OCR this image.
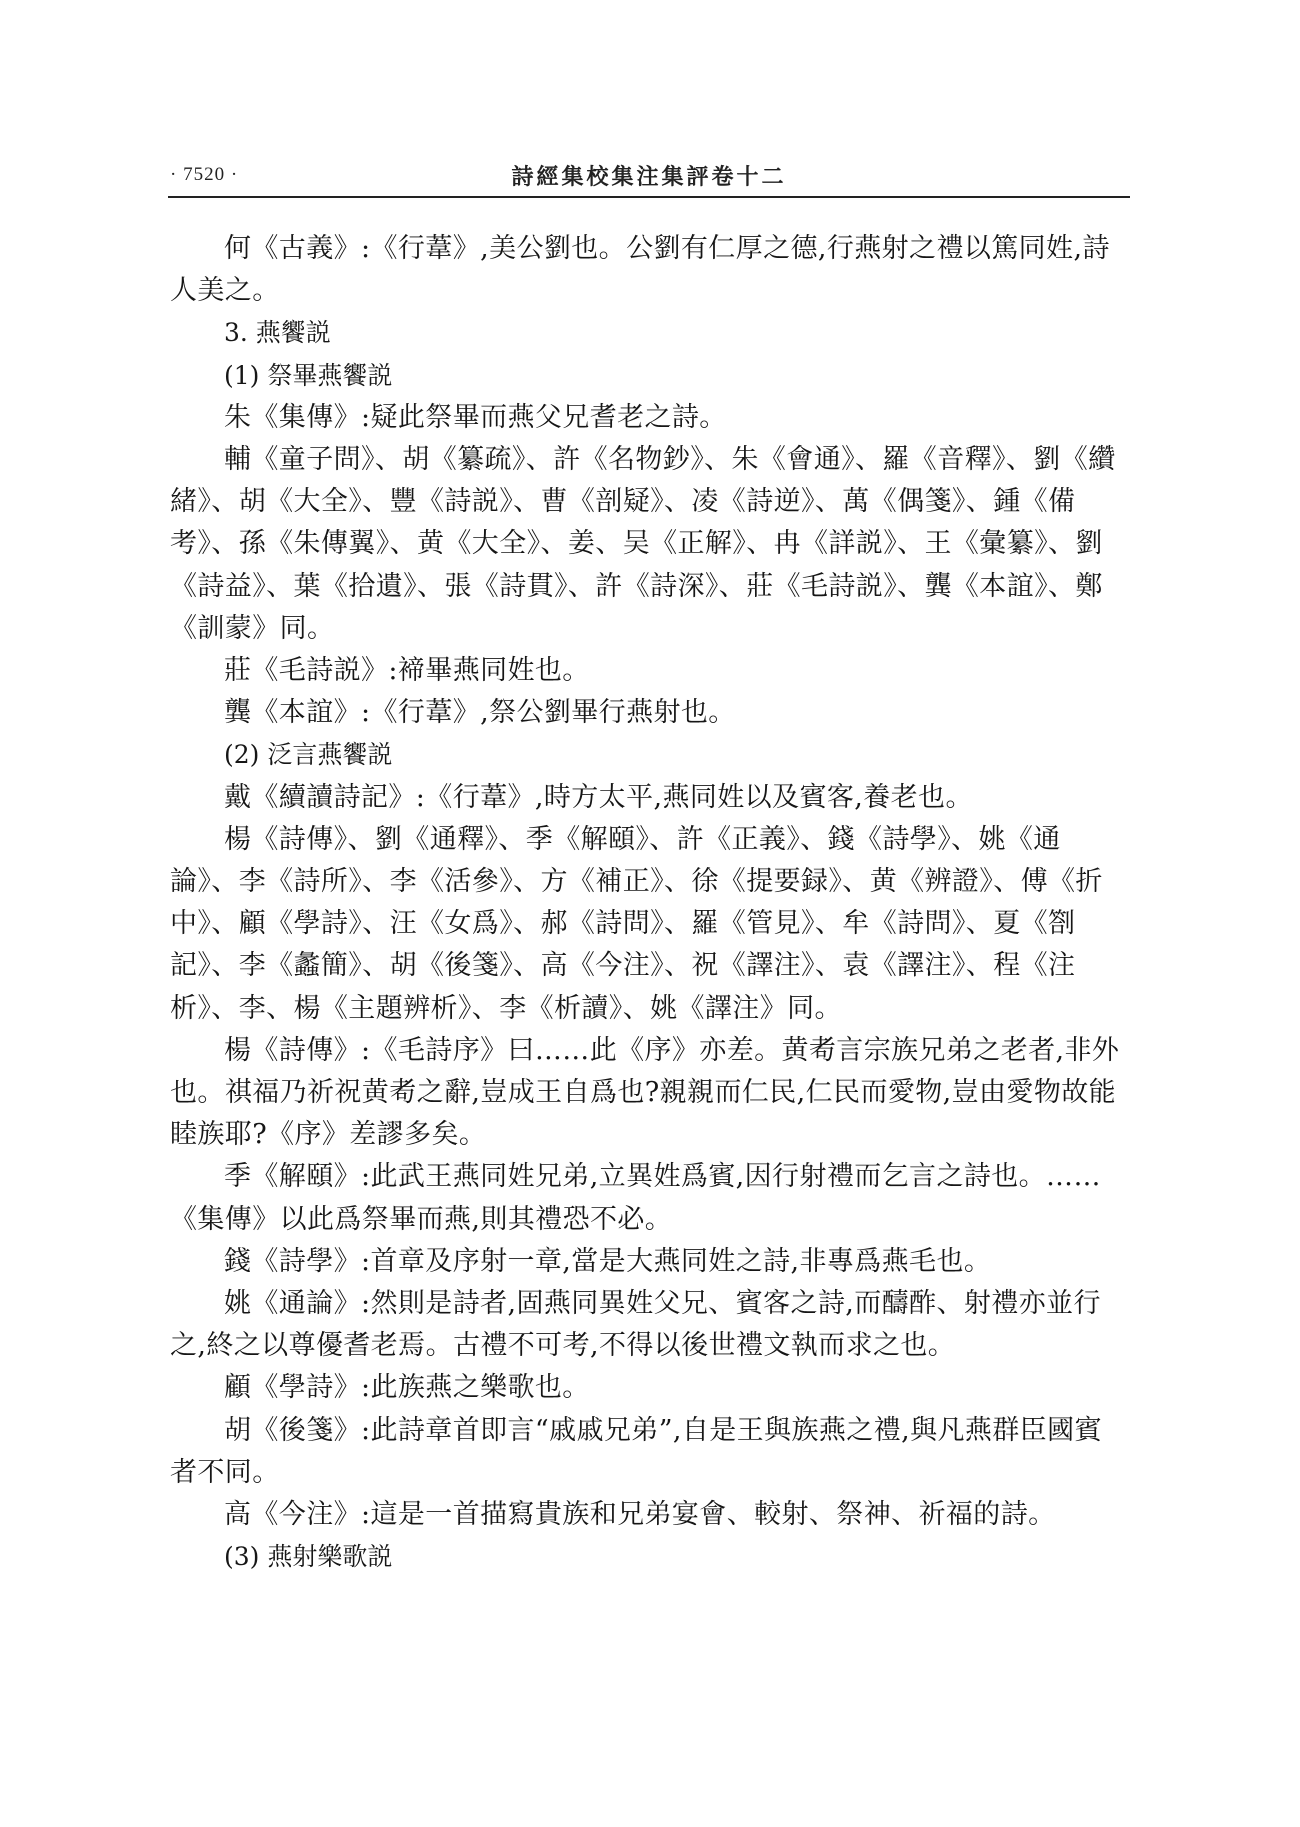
· 7520 ·	詩經集校集注集評卷十二

何《古義》:《行葦》,美公劉也。公劉有仁厚之德,行燕射之禮以篤同姓,詩人美之。

3. 燕饗説

(1) 祭畢燕饗説

朱《集傳》:疑此祭畢而燕父兄耆老之詩。

輔《童子問》、胡《纂疏》、許《名物鈔》、朱《會通》、羅《音釋》、劉《纘緒》、胡《大全》、豐《詩説》、曹《剖疑》、凌《詩逆》、萬《偶箋》、鍾《備考》、孫《朱傳翼》、黄《大全》、姜、吴《正解》、冉《詳説》、王《彙纂》、劉《詩益》、葉《拾遺》、張《詩貫》、許《詩深》、莊《毛詩説》、龔《本誼》、鄭《訓蒙》同。

莊《毛詩説》:褅畢燕同姓也。

龔《本誼》:《行葦》,祭公劉畢行燕射也。

(2) 泛言燕饗説

戴《續讀詩記》:《行葦》,時方太平,燕同姓以及賓客,養老也。

楊《詩傳》、劉《通釋》、季《解頤》、許《正義》、錢《詩學》、姚《通論》、李《詩所》、李《活參》、方《補正》、徐《提要録》、黄《辨證》、傅《折中》、顧《學詩》、汪《女爲》、郝《詩問》、羅《管見》、牟《詩問》、夏《劄記》、李《蠡簡》、胡《後箋》、高《今注》、祝《譯注》、袁《譯注》、程《注析》、李、楊《主題辨析》、李《析讀》、姚《譯注》同。

楊《詩傳》:《毛詩序》曰……此《序》亦差。黄耇言宗族兄弟之老者,非外也。祺福乃祈祝黄耇之辭,豈成王自爲也?親親而仁民,仁民而愛物,豈由愛物故能睦族耶?《序》差謬多矣。

季《解頤》:此武王燕同姓兄弟,立異姓爲賓,因行射禮而乞言之詩也。……《集傳》以此爲祭畢而燕,則其禮恐不必。

錢《詩學》:首章及序射一章,當是大燕同姓之詩,非專爲燕毛也。

姚《通論》:然則是詩者,固燕同異姓父兄、賓客之詩,而醻酢、射禮亦並行之,終之以尊優耆老焉。古禮不可考,不得以後世禮文執而求之也。

顧《學詩》:此族燕之樂歌也。

胡《後箋》:此詩章首即言“戚戚兄弟”,自是王與族燕之禮,與凡燕群臣國賓者不同。

高《今注》:這是一首描寫貴族和兄弟宴會、較射、祭神、祈福的詩。

(3) 燕射樂歌説
